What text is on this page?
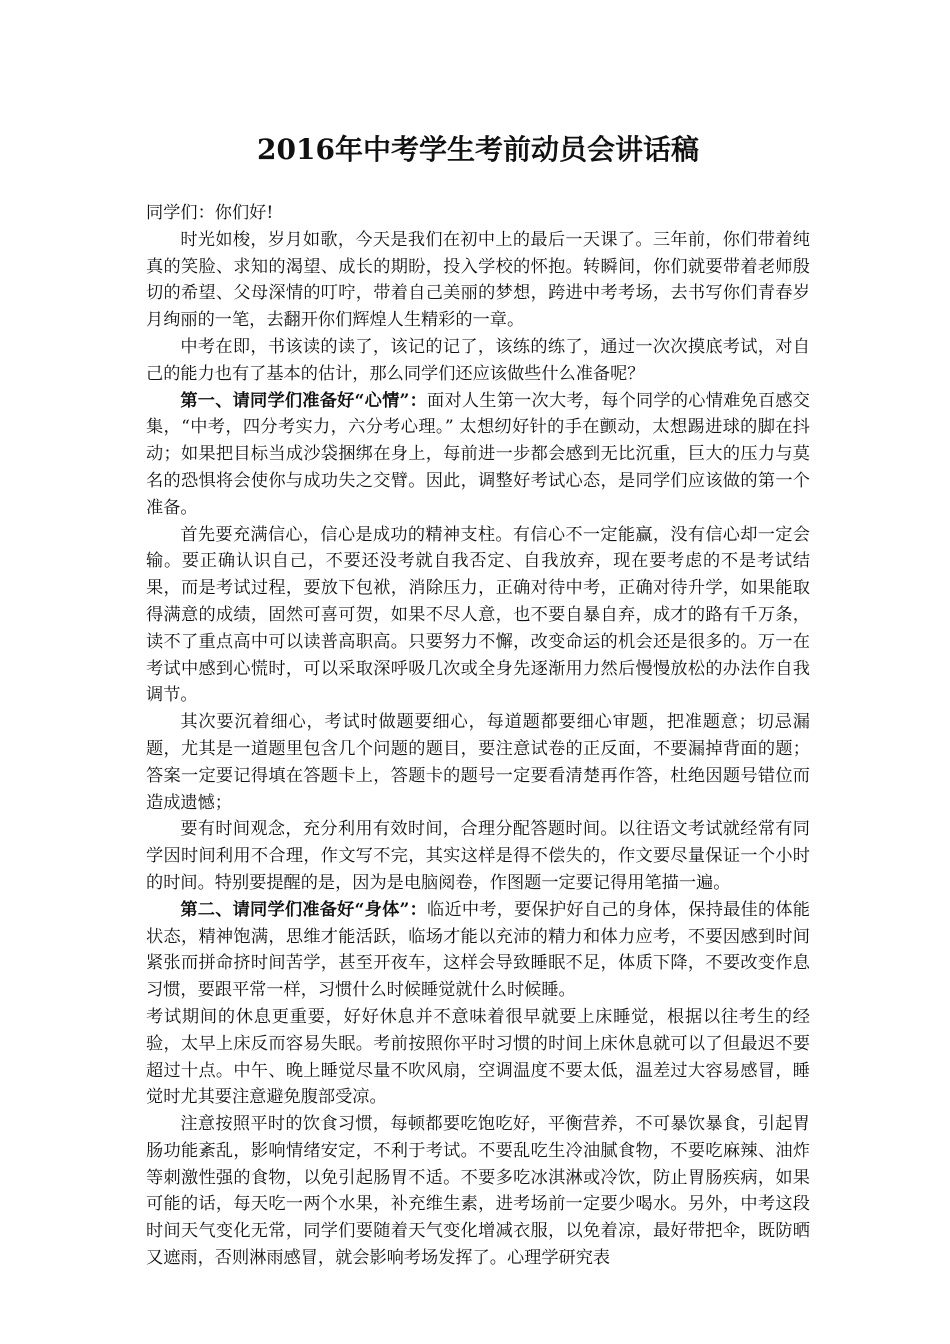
2016年中考学生考前动员会讲话稿

同学们：你们好!

时光如梭，岁月如歌，今天是我们在初中上的最后一天课了。三年前，你们带着纯真的笑脸、求知的渴望、成长的期盼，投入学校的怀抱。转瞬间，你们就要带着老师殷切的希望、父母深情的叮咛，带着自己美丽的梦想，跨进中考考场，去书写你们青春岁月绚丽的一笔，去翻开你们辉煌人生精彩的一章。

中考在即，书该读的读了，该记的记了，该练的练了，通过一次次摸底考试，对自己的能力也有了基本的估计，那么同学们还应该做些什么准备呢？

第一、请同学们准备好“心情”：面对人生第一次大考，每个同学的心情难免百感交集，“中考，四分考实力，六分考心理。” 太想纫好针的手在颤动，太想踢进球的脚在抖动；如果把目标当成沙袋捆绑在身上，每前进一步都会感到无比沉重，巨大的压力与莫名的恐惧将会使你与成功失之交臂。因此，调整好考试心态，是同学们应该做的第一个准备。

首先要充满信心，信心是成功的精神支柱。有信心不一定能赢，没有信心却一定会输。要正确认识自己，不要还没考就自我否定、自我放弃，现在要考虑的不是考试结果，而是考试过程，要放下包袱，消除压力，正确对待中考，正确对待升学，如果能取得满意的成绩，固然可喜可贺，如果不尽人意，也不要自暴自弃，成才的路有千万条，读不了重点高中可以读普高职高。只要努力不懈，改变命运的机会还是很多的。万一在考试中感到心慌时，可以采取深呼吸几次或全身先逐渐用力然后慢慢放松的办法作自我调节。

其次要沉着细心，考试时做题要细心，每道题都要细心审题，把准题意；切忌漏题，尤其是一道题里包含几个问题的题目，要注意试卷的正反面，不要漏掉背面的题；答案一定要记得填在答题卡上，答题卡的题号一定要看清楚再作答，杜绝因题号错位而造成遗憾；

要有时间观念，充分利用有效时间，合理分配答题时间。以往语文考试就经常有同学因时间利用不合理，作文写不完，其实这样是得不偿失的，作文要尽量保证一个小时的时间。特别要提醒的是，因为是电脑阅卷，作图题一定要记得用笔描一遍。

第二、请同学们准备好“身体”：临近中考，要保护好自己的身体，保持最佳的体能状态，精神饱满，思维才能活跃，临场才能以充沛的精力和体力应考，不要因感到时间紧张而拼命挤时间苦学，甚至开夜车，这样会导致睡眠不足，体质下降，不要改变作息习惯，要跟平常一样，习惯什么时候睡觉就什么时候睡。

考试期间的休息更重要，好好休息并不意味着很早就要上床睡觉，根据以往考生的经验，太早上床反而容易失眠。考前按照你平时习惯的时间上床休息就可以了但最迟不要超过十点。中午、晚上睡觉尽量不吹风扇，空调温度不要太低，温差过大容易感冒，睡觉时尤其要注意避免腹部受凉。

注意按照平时的饮食习惯，每顿都要吃饱吃好，平衡营养，不可暴饮暴食，引起胃肠功能紊乱，影响情绪安定，不利于考试。不要乱吃生冷油腻食物，不要吃麻辣、油炸等刺激性强的食物，以免引起肠胃不适。不要多吃冰淇淋或冷饮，防止胃肠疾病，如果可能的话，每天吃一两个水果，补充维生素，进考场前一定要少喝水。另外，中考这段时间天气变化无常，同学们要随着天气变化增减衣服，以免着凉，最好带把伞，既防晒又遮雨，否则淋雨感冒，就会影响考场发挥了。心理学研究表
